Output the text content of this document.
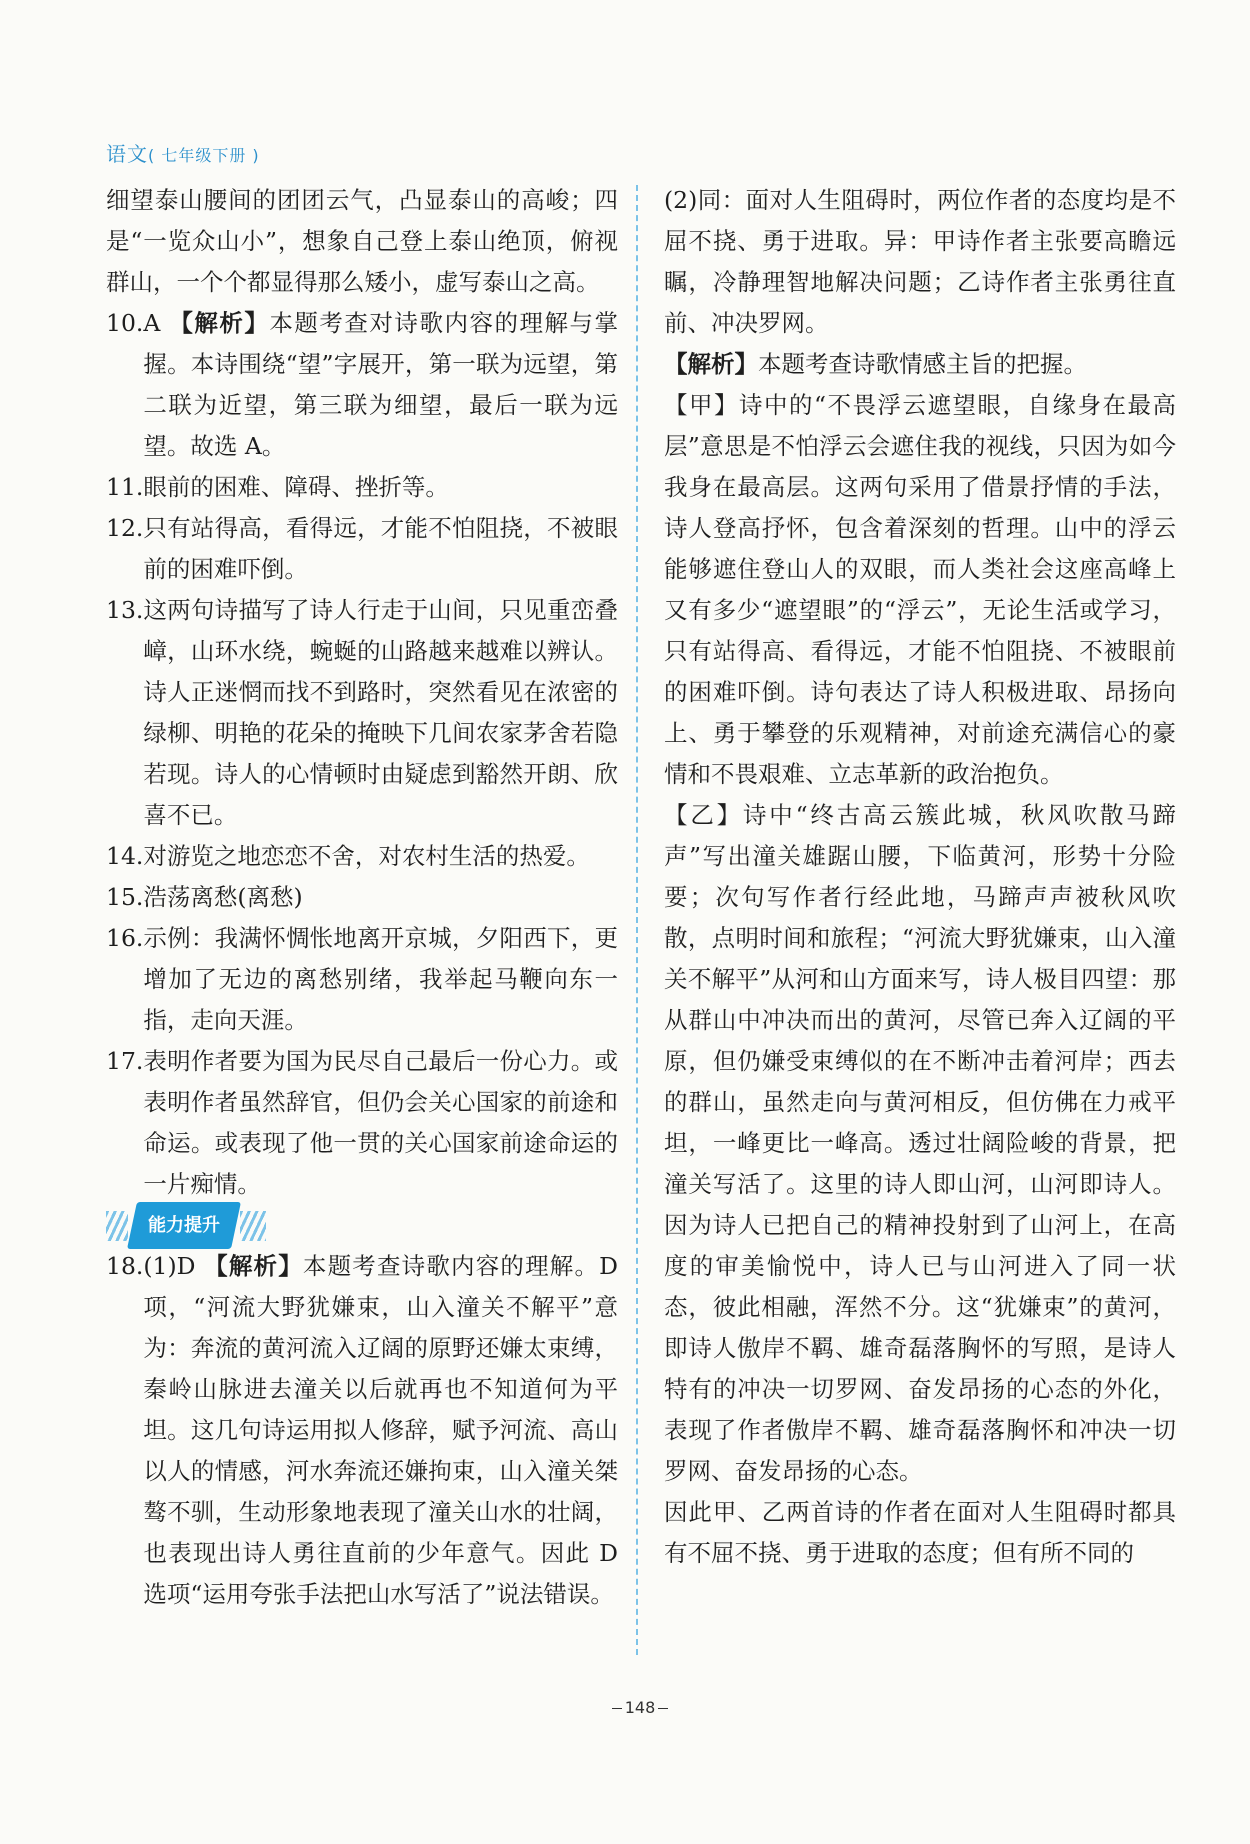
语文( 七年级下册 )

细望泰山腰间的团团云气，凸显泰山的高峻；四是“一览众山小”，想象自己登上泰山绝顶，俯视群山，一个个都显得那么矮小，虚写泰山之高。

10. A 【解析】本题考查对诗歌内容的理解与掌握。本诗围绕“望”字展开，第一联为远望，第二联为近望，第三联为细望，最后一联为远望。故选 A。
11. 眼前的困难、障碍、挫折等。
12. 只有站得高，看得远，才能不怕阻挠，不被眼前的困难吓倒。
13. 这两句诗描写了诗人行走于山间，只见重峦叠嶂，山环水绕，蜿蜒的山路越来越难以辨认。诗人正迷惘而找不到路时，突然看见在浓密的绿柳、明艳的花朵的掩映下几间农家茅舍若隐若现。诗人的心情顿时由疑虑到豁然开朗、欣喜不已。
14. 对游览之地恋恋不舍，对农村生活的热爱。
15. 浩荡离愁(离愁)
16. 示例：我满怀惆怅地离开京城，夕阳西下，更增加了无边的离愁别绪，我举起马鞭向东一指，走向天涯。
17. 表明作者要为国为民尽自己最后一份心力。或表明作者虽然辞官，但仍会关心国家的前途和命运。或表现了他一贯的关心国家前途命运的一片痴情。
能力提升
18. (1)D 【解析】本题考查诗歌内容的理解。D项，“河流大野犹嫌束，山入潼关不解平”意为：奔流的黄河流入辽阔的原野还嫌太束缚，秦岭山脉进去潼关以后就再也不知道何为平坦。这几句诗运用拟人修辞，赋予河流、高山以人的情感，河水奔流还嫌拘束，山入潼关桀骜不驯，生动形象地表现了潼关山水的壮阔，也表现出诗人勇往直前的少年意气。因此 D 选项“运用夸张手法把山水写活了”说法错误。

(2)同：面对人生阻碍时，两位作者的态度均是不屈不挠、勇于进取。异：甲诗作者主张要高瞻远瞩，冷静理智地解决问题；乙诗作者主张勇往直前、冲决罗网。

【解析】本题考查诗歌情感主旨的把握。

【甲】诗中的“不畏浮云遮望眼，自缘身在最高层”意思是不怕浮云会遮住我的视线，只因为如今我身在最高层。这两句采用了借景抒情的手法，诗人登高抒怀，包含着深刻的哲理。山中的浮云能够遮住登山人的双眼，而人类社会这座高峰上又有多少“遮望眼”的“浮云”，无论生活或学习，只有站得高、看得远，才能不怕阻挠、不被眼前的困难吓倒。诗句表达了诗人积极进取、昂扬向上、勇于攀登的乐观精神，对前途充满信心的豪情和不畏艰难、立志革新的政治抱负。

【乙】诗中“终古高云簇此城，秋风吹散马蹄声”写出潼关雄踞山腰，下临黄河，形势十分险要；次句写作者行经此地，马蹄声声被秋风吹散，点明时间和旅程；“河流大野犹嫌束，山入潼关不解平”从河和山方面来写，诗人极目四望：那从群山中冲决而出的黄河，尽管已奔入辽阔的平原，但仍嫌受束缚似的在不断冲击着河岸；西去的群山，虽然走向与黄河相反，但仿佛在力戒平坦，一峰更比一峰高。透过壮阔险峻的背景，把潼关写活了。这里的诗人即山河，山河即诗人。因为诗人已把自己的精神投射到了山河上，在高度的审美愉悦中，诗人已与山河进入了同一状态，彼此相融，浑然不分。这“犹嫌束”的黄河，即诗人傲岸不羁、雄奇磊落胸怀的写照，是诗人特有的冲决一切罗网、奋发昂扬的心态的外化，表现了作者傲岸不羁、雄奇磊落胸怀和冲决一切罗网、奋发昂扬的心态。

因此甲、乙两首诗的作者在面对人生阻碍时都具有不屈不挠、勇于进取的态度；但有所不同的

148
